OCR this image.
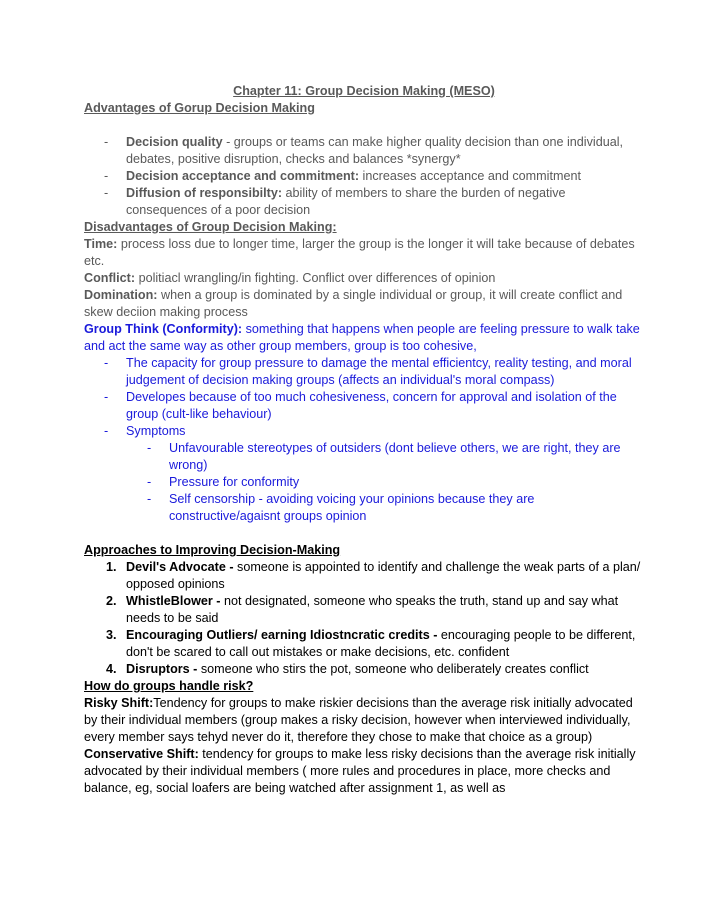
Chapter 11: Group Decision Making (MESO)

Advantages of Gorup Decision Making

- Decision quality - groups or teams can make higher quality decision than one individual, debates, positive disruption, checks and balances *synergy*
- Decision acceptance and commitment: increases acceptance and commitment
- Diffusion of responsibilty: ability of members to share the burden of negative consequences of a poor decision

Disadvantages of Group Decision Making:

Time: process loss due to longer time, larger the group is the longer it will take because of debates etc.

Conflict: politiacl wrangling/in fighting. Conflict over differences of opinion

Domination: when a group is dominated by a single individual or group, it will create conflict and skew deciion making process

Group Think (Conformity): something that happens when people are feeling pressure to walk take and act the same way as other group members, group is too cohesive,

- The capacity for group pressure to damage the mental efficientcy, reality testing, and moral judgement of decision making groups (affects an individual's moral compass)
- Developes because of too much cohesiveness, concern for approval and isolation of the group (cult-like behaviour)
- Symptoms
- Unfavourable stereotypes of outsiders (dont believe others, we are right, they are wrong)
- Pressure for conformity
- Self censorship - avoiding voicing your opinions because they are constructive/agaisnt groups opinion

Approaches to Improving Decision-Making

1. Devil's Advocate - someone is appointed to identify and challenge the weak parts of a plan/ opposed opinions
2. WhistleBlower - not designated, someone who speaks the truth, stand up and say what needs to be said
3. Encouraging Outliers/ earning Idiostncratic credits - encouraging people to be different, don't be scared to call out mistakes or make decisions, etc. confident
4. Disruptors - someone who stirs the pot, someone who deliberately creates conflict

How do groups handle risk?

Risky Shift:Tendency for groups to make riskier decisions than the average risk initially advocated by their individual members (group makes a risky decision, however when interviewed individually, every member says tehyd never do it, therefore they chose to make that choice as a group)

Conservative Shift: tendency for groups to make less risky decisions than the average risk initially advocated by their individual members ( more rules and procedures in place, more checks and balance, eg, social loafers are being watched after assignment 1, as well as
